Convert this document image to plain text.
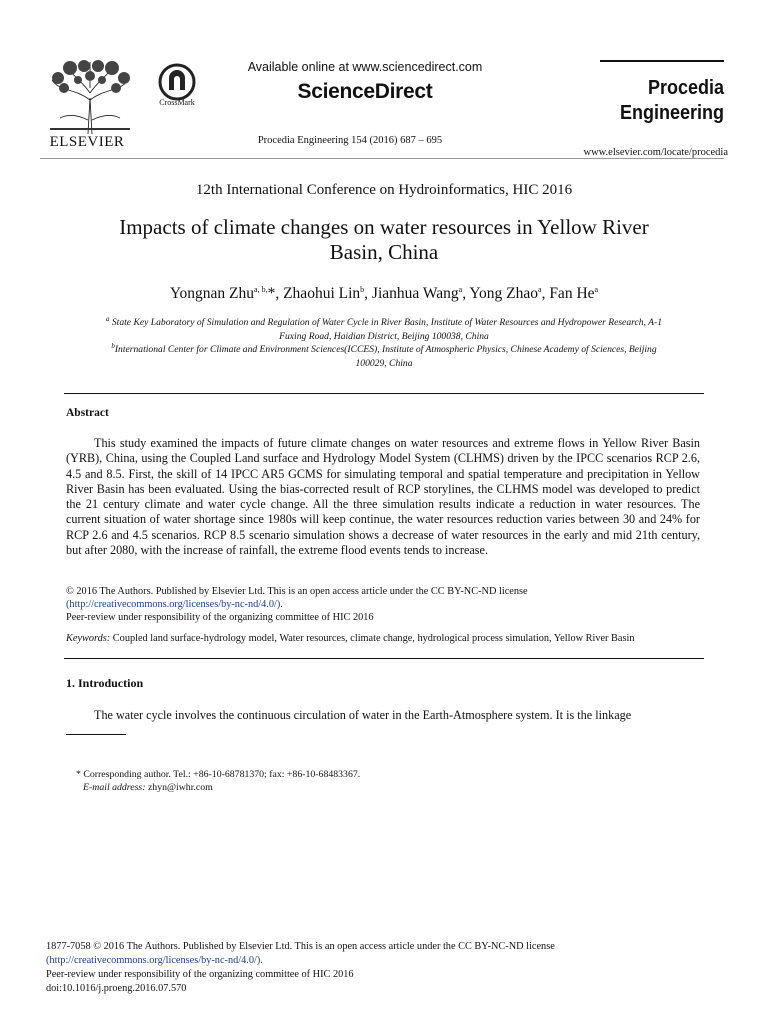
ELSEVIER
CrossMark
Available online at www.sciencedirect.com
ScienceDirect
Procedia Engineering 154 (2016) 687 – 695
Procedia
Engineering
www.elsevier.com/locate/procedia
12th International Conference on Hydroinformatics, HIC 2016
Impacts of climate changes on water resources in Yellow River
Basin, China
Yongnan Zhu$^{a, b,}$*, Zhaohui Lin$^b$, Jianhua Wang$^a$, Yong Zhao$^a$, Fan He$^a$
$^a$ State Key Laboratory of Simulation and Regulation of Water Cycle in River Basin, Institute of Water Resources and Hydropower Research, A-1
Fuxing Road, Haidian District, Beijing 100038, China
$^b$International Center for Climate and Environment Sciences(ICCES), Institute of Atmospheric Physics, Chinese Academy of Sciences, Beijing
100029, China
Abstract
This study examined the impacts of future climate changes on water resources and extreme flows in Yellow River Basin (YRB), China, using the Coupled Land surface and Hydrology Model System (CLHMS) driven by the IPCC scenarios RCP 2.6, 4.5 and 8.5. First, the skill of 14 IPCC AR5 GCMS for simulating temporal and spatial temperature and precipitation in Yellow River Basin has been evaluated. Using the bias-corrected result of RCP storylines, the CLHMS model was developed to predict the 21 century climate and water cycle change. All the three simulation results indicate a reduction in water resources. The current situation of water shortage since 1980s will keep continue, the water resources reduction varies between 30 and 24% for RCP 2.6 and 4.5 scenarios. RCP 8.5 scenario simulation shows a decrease of water resources in the early and mid 21th century, but after 2080, with the increase of rainfall, the extreme flood events tends to increase.
© 2016 The Authors. Published by Elsevier Ltd. This is an open access article under the CC BY-NC-ND license
(http://creativecommons.org/licenses/by-nc-nd/4.0/).
Peer-review under responsibility of the organizing committee of HIC 2016
Keywords: Coupled land surface-hydrology model, Water resources, climate change, hydrological process simulation, Yellow River Basin
1. Introduction
The water cycle involves the continuous circulation of water in the Earth-Atmosphere system. It is the linkage
* Corresponding author. Tel.: +86-10-68781370; fax: +86-10-68483367.
E-mail address: zhyn@iwhr.com
1877-7058 © 2016 The Authors. Published by Elsevier Ltd. This is an open access article under the CC BY-NC-ND license
(http://creativecommons.org/licenses/by-nc-nd/4.0/).
Peer-review under responsibility of the organizing committee of HIC 2016
doi:10.1016/j.proeng.2016.07.570
